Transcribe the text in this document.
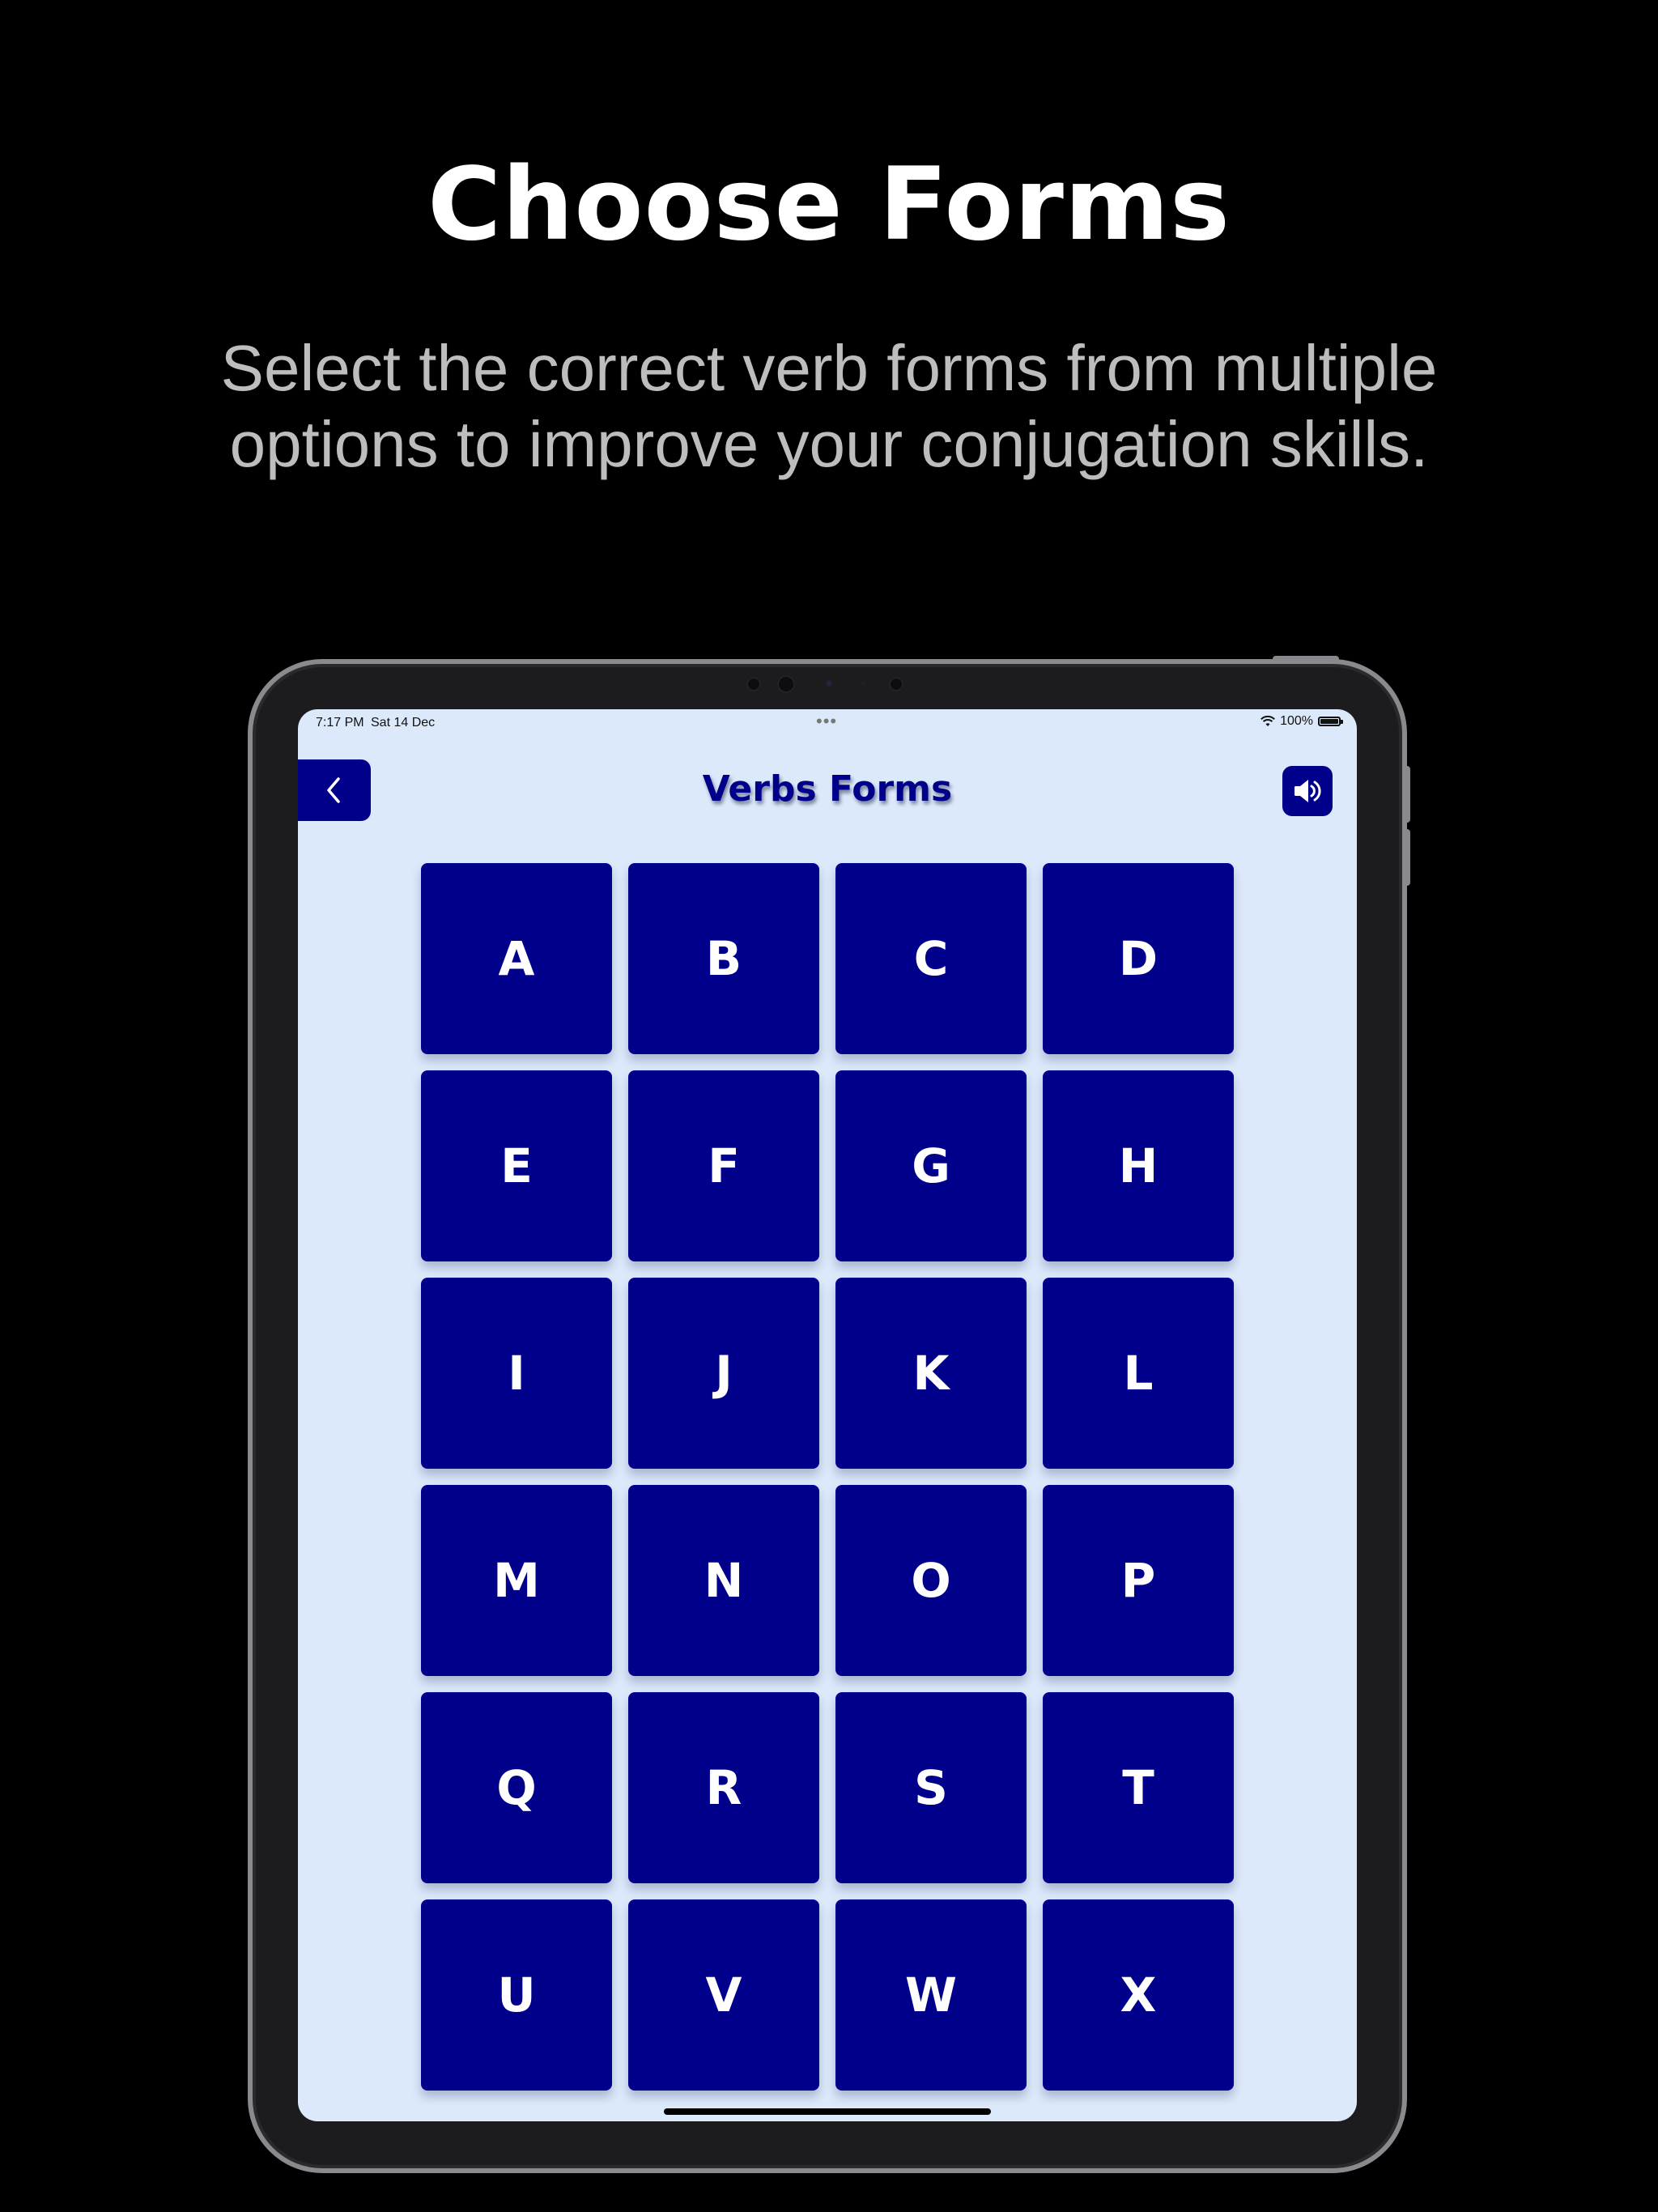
Choose Forms

Select the correct verb forms from multiple
options to improve your conjugation skills.

7:17 PM Sat 14 Dec	•••	100%
Verbs Forms
A	B	C	D
E	F	G	H
I	J	K	L
M	N	O	P
Q	R	S	T
U	V	W	X
